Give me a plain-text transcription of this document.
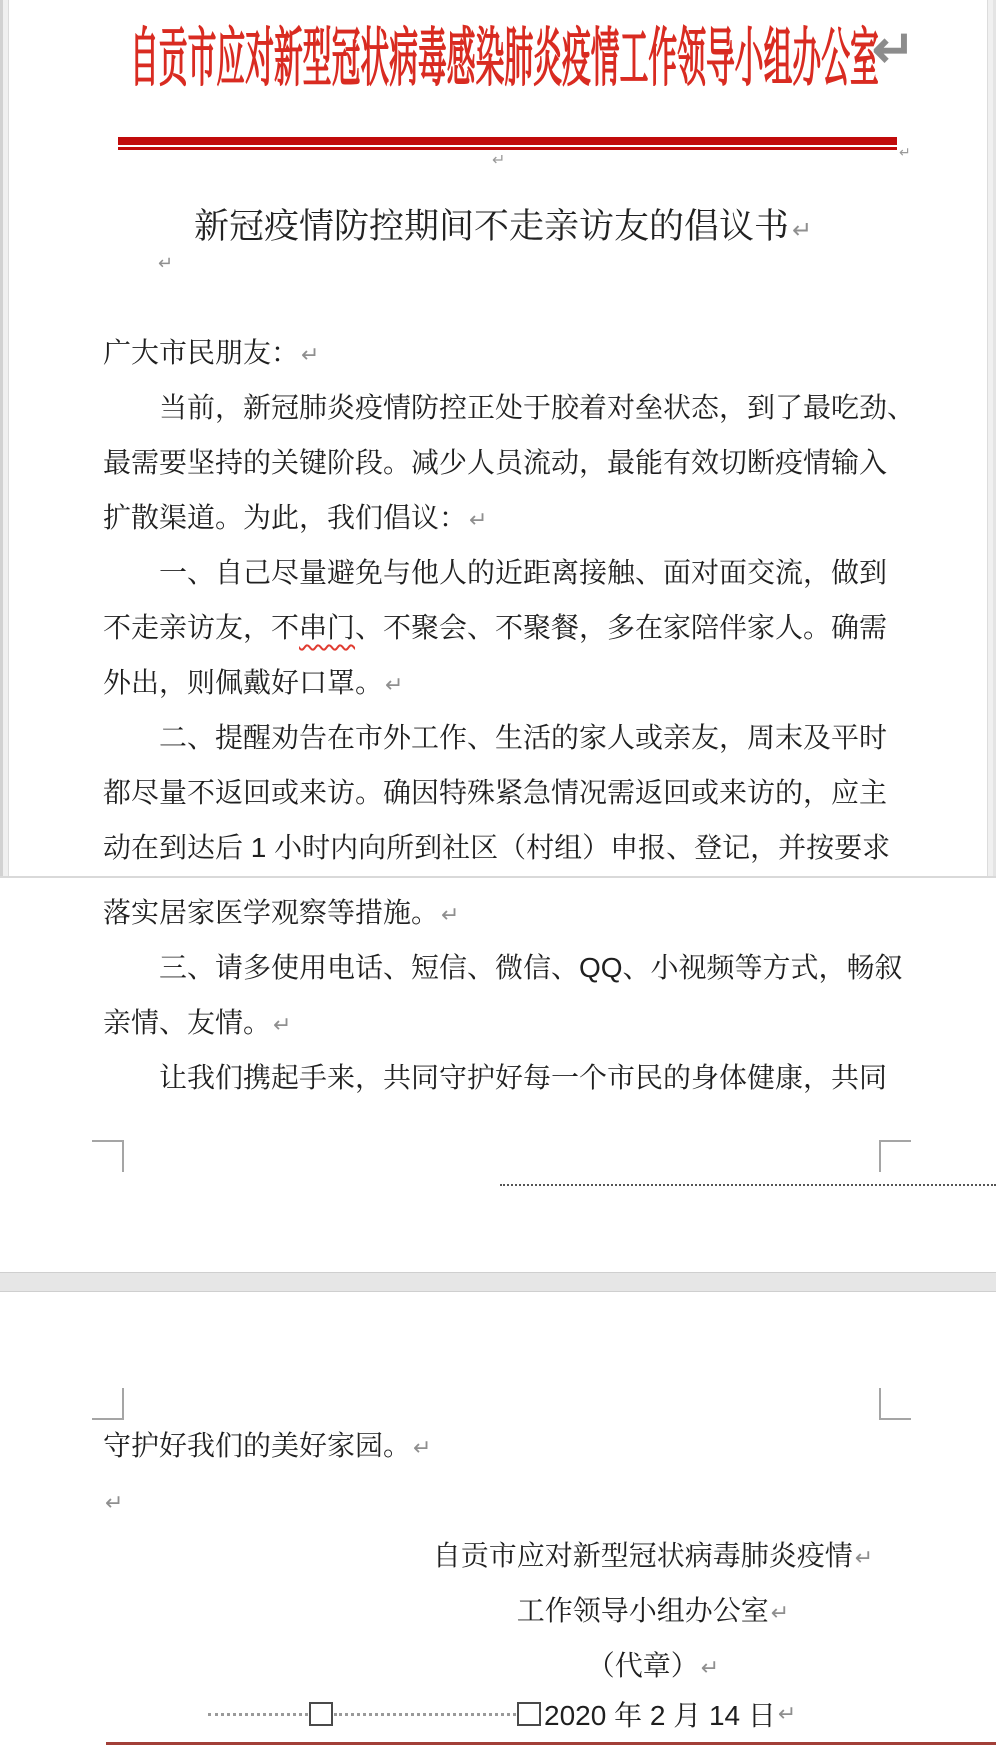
自贡市应对新型冠状病毒感染肺炎疫情工作领导小组办公室
↵
↵
↵
新冠疫情防控期间不走亲访友的倡议书 ↵
↵
广大市民朋友：↵
当前，新冠肺炎疫情防控正处于胶着对垒状态，到了最吃劲、
最需要坚持的关键阶段。减少人员流动，最能有效切断疫情输入
扩散渠道。为此，我们倡议：↵
一、自己尽量避免与他人的近距离接触、面对面交流，做到
不走亲访友，不串门、不聚会、不聚餐，多在家陪伴家人。确需
外出，则佩戴好口罩。↵
二、提醒劝告在市外工作、生活的家人或亲友，周末及平时
都尽量不返回或来访。确因特殊紧急情况需返回或来访的，应主
动在到达后 1 小时内向所到社区（村组）申报、登记，并按要求
落实居家医学观察等措施。↵
三、请多使用电话、短信、微信、QQ、小视频等方式，畅叙
亲情、友情。↵
让我们携起手来，共同守护好每一个市民的身体健康，共同
守护好我们的美好家园。↵
↵
自贡市应对新型冠状病毒肺炎疫情↵
工作领导小组办公室↵
（代章）↵
2020 年 2 月 14 日 ↵
